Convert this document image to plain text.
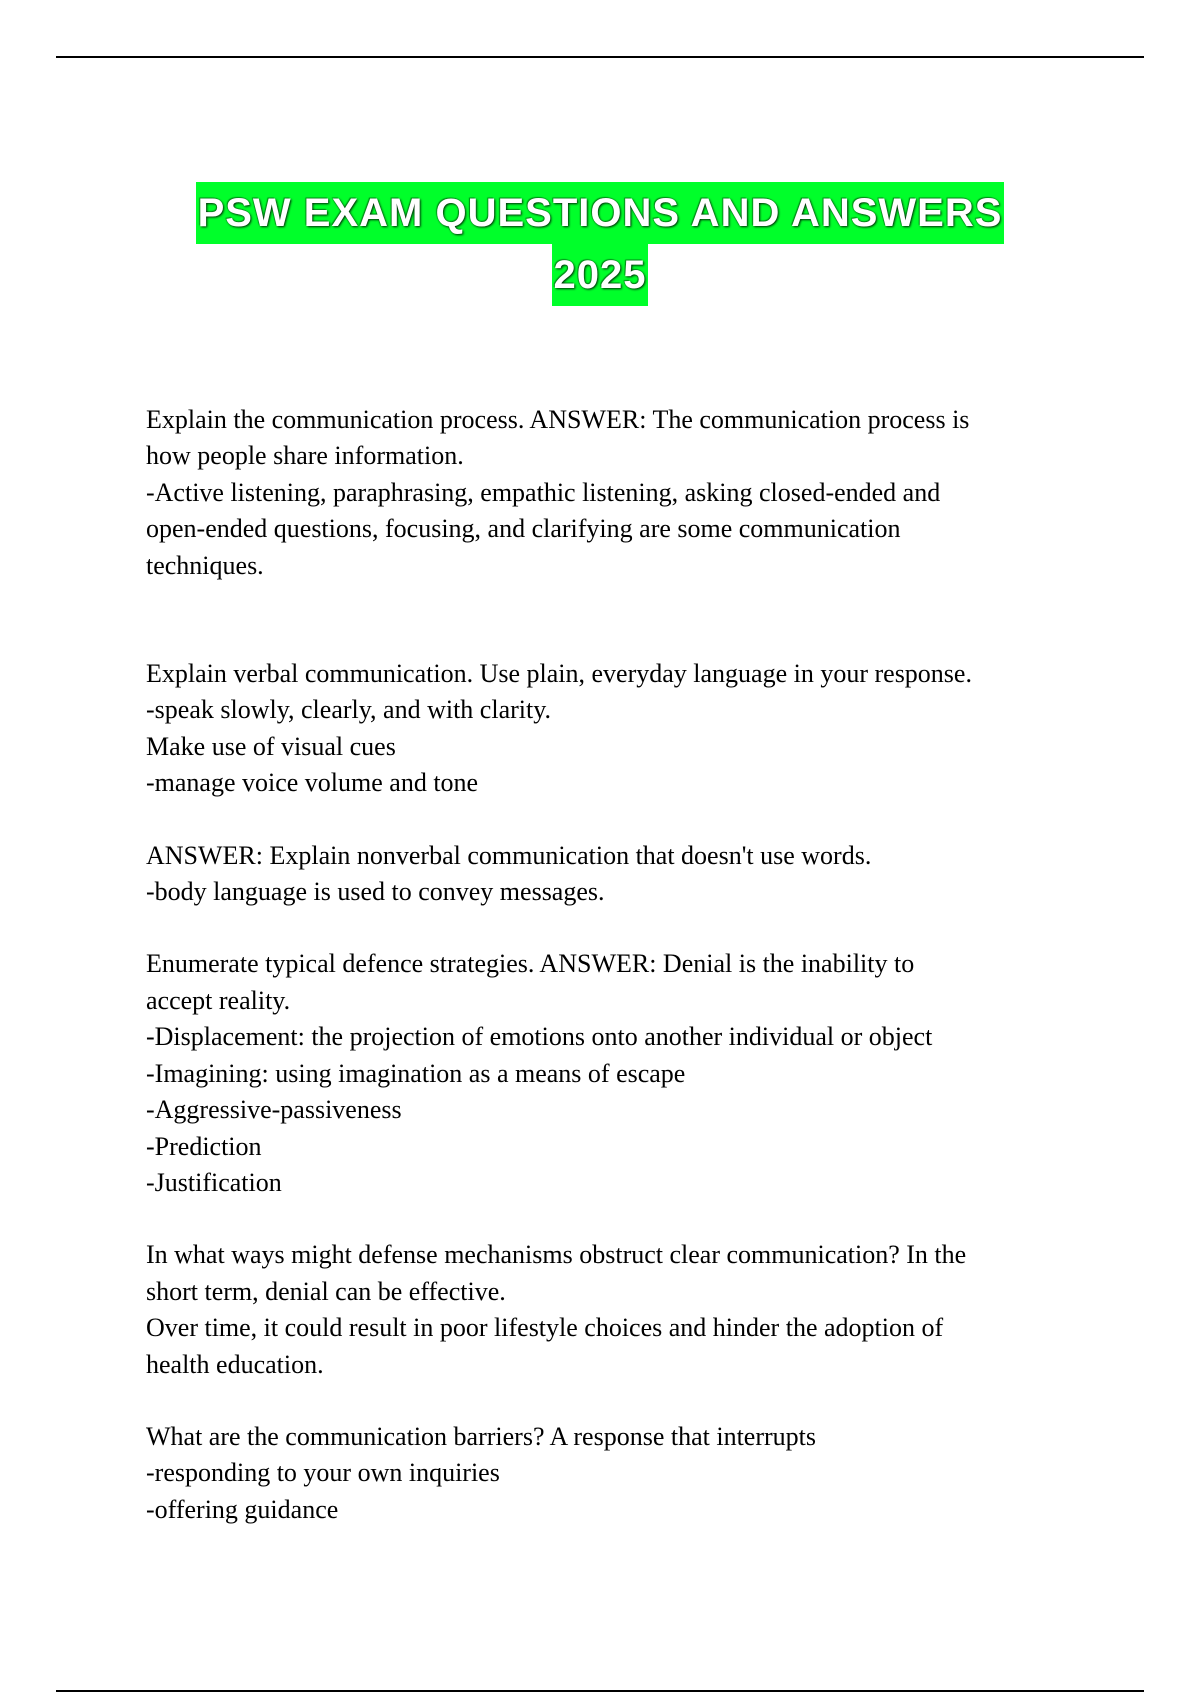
PSW EXAM QUESTIONS AND ANSWERS
2025
Explain the communication process. ANSWER: The communication process is
how people share information.
-Active listening, paraphrasing, empathic listening, asking closed-ended and
open-ended questions, focusing, and clarifying are some communication
techniques.
Explain verbal communication. Use plain, everyday language in your response.
-speak slowly, clearly, and with clarity.
Make use of visual cues
-manage voice volume and tone
ANSWER: Explain nonverbal communication that doesn't use words.
-body language is used to convey messages.
Enumerate typical defence strategies. ANSWER: Denial is the inability to
accept reality.
-Displacement: the projection of emotions onto another individual or object
-Imagining: using imagination as a means of escape
-Aggressive-passiveness
-Prediction
-Justification
In what ways might defense mechanisms obstruct clear communication? In the
short term, denial can be effective.
Over time, it could result in poor lifestyle choices and hinder the adoption of
health education.
What are the communication barriers? A response that interrupts
-responding to your own inquiries
-offering guidance
